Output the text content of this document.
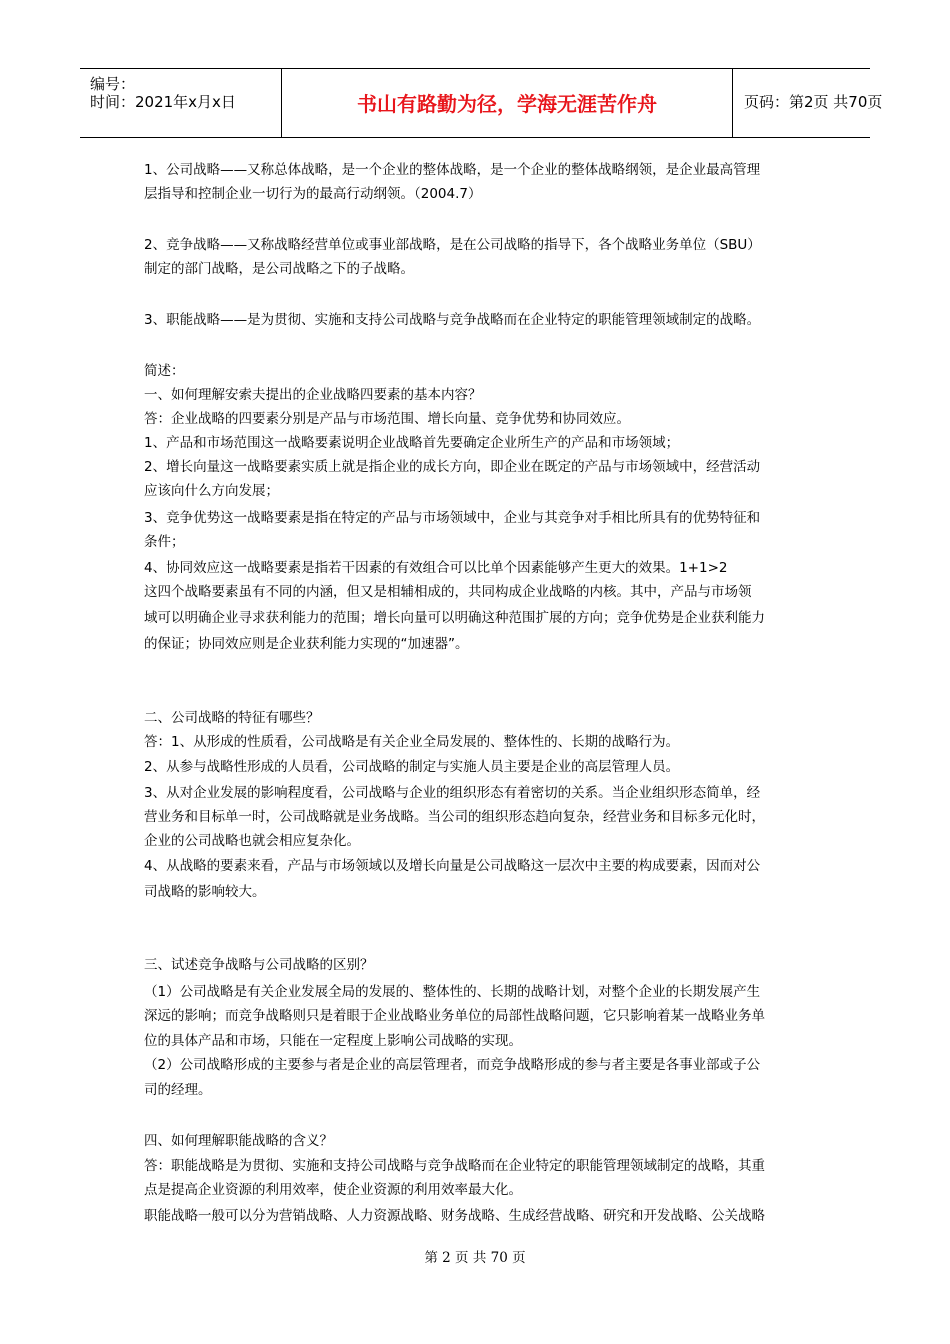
编号：
时间：2021年x月x日	书山有路勤为径，学海无涯苦作舟	页码：第2页 共70页
1、公司战略——又称总体战略，是一个企业的整体战略，是一个企业的整体战略纲领，是企业最高管理
层指导和控制企业一切行为的最高行动纲领。（2004.7）
2、竞争战略——又称战略经营单位或事业部战略，是在公司战略的指导下，各个战略业务单位（SBU）
制定的部门战略，是公司战略之下的子战略。
3、职能战略——是为贯彻、实施和支持公司战略与竞争战略而在企业特定的职能管理领域制定的战略。
简述：
一、如何理解安索夫提出的企业战略四要素的基本内容？
答：企业战略的四要素分别是产品与市场范围、增长向量、竞争优势和协同效应。
1、产品和市场范围这一战略要素说明企业战略首先要确定企业所生产的产品和市场领域；
2、增长向量这一战略要素实质上就是指企业的成长方向，即企业在既定的产品与市场领域中，经营活动
应该向什么方向发展；
3、竞争优势这一战略要素是指在特定的产品与市场领域中，企业与其竞争对手相比所具有的优势特征和
条件；
4、协同效应这一战略要素是指若干因素的有效组合可以比单个因素能够产生更大的效果。1+1>2
这四个战略要素虽有不同的内涵，但又是相辅相成的，共同构成企业战略的内核。其中，产品与市场领
域可以明确企业寻求获利能力的范围；增长向量可以明确这种范围扩展的方向；竞争优势是企业获利能力
的保证；协同效应则是企业获利能力实现的“加速器”。
二、公司战略的特征有哪些？
答：1、从形成的性质看，公司战略是有关企业全局发展的、整体性的、长期的战略行为。
2、从参与战略性形成的人员看，公司战略的制定与实施人员主要是企业的高层管理人员。
3、从对企业发展的影响程度看，公司战略与企业的组织形态有着密切的关系。当企业组织形态简单，经
营业务和目标单一时，公司战略就是业务战略。当公司的组织形态趋向复杂，经营业务和目标多元化时，
企业的公司战略也就会相应复杂化。
4、从战略的要素来看，产品与市场领域以及增长向量是公司战略这一层次中主要的构成要素，因而对公
司战略的影响较大。
三、试述竞争战略与公司战略的区别？
（1）公司战略是有关企业发展全局的发展的、整体性的、长期的战略计划，对整个企业的长期发展产生
深远的影响；而竞争战略则只是着眼于企业战略业务单位的局部性战略问题，它只影响着某一战略业务单
位的具体产品和市场，只能在一定程度上影响公司战略的实现。
（2）公司战略形成的主要参与者是企业的高层管理者，而竞争战略形成的参与者主要是各事业部或子公
司的经理。
四、如何理解职能战略的含义？
答：职能战略是为贯彻、实施和支持公司战略与竞争战略而在企业特定的职能管理领域制定的战略，其重
点是提高企业资源的利用效率，使企业资源的利用效率最大化。
职能战略一般可以分为营销战略、人力资源战略、财务战略、生成经营战略、研究和开发战略、公关战略
第 2 页 共 70 页
